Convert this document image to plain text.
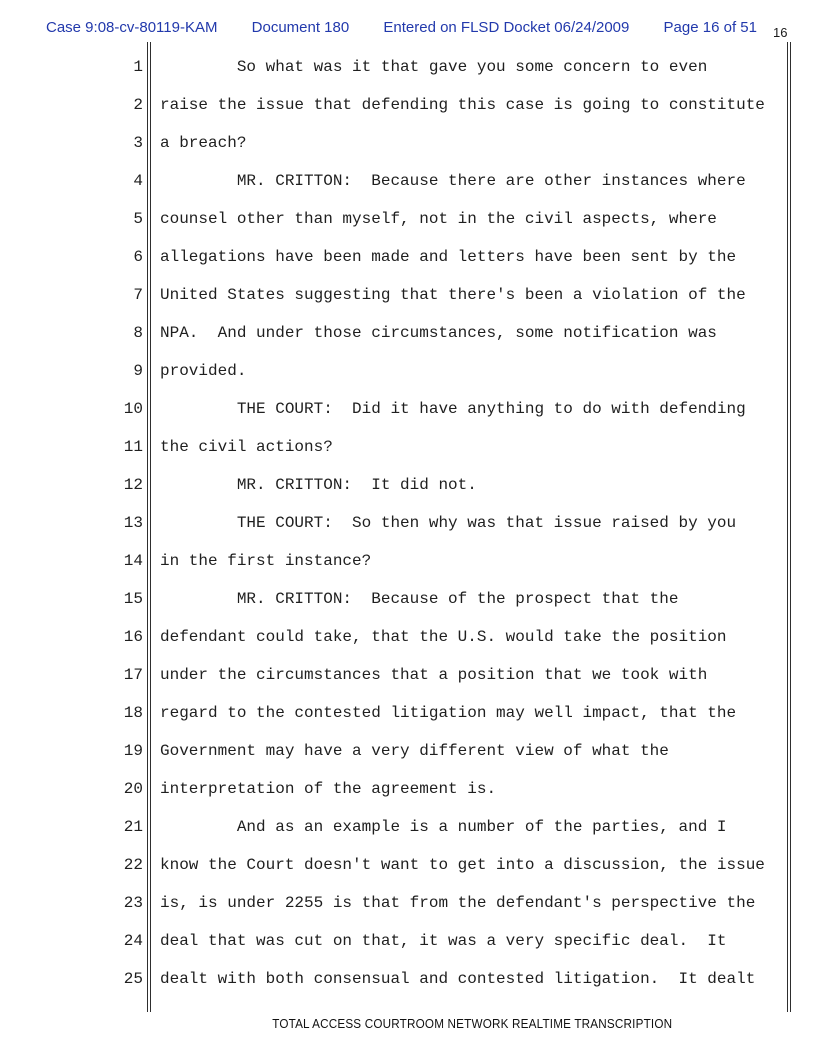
Case 9:08-cv-80119-KAM Document 180 Entered on FLSD Docket 06/24/2009 Page 16 of 51 16
1	So what was it that gave you some concern to even
2	raise the issue that defending this case is going to constitute
3	a breach?
4	MR. CRITTON:  Because there are other instances where
5	counsel other than myself, not in the civil aspects, where
6	allegations have been made and letters have been sent by the
7	United States suggesting that there's been a violation of the
8	NPA.  And under those circumstances, some notification was
9	provided.
10	THE COURT:  Did it have anything to do with defending
11	the civil actions?
12	MR. CRITTON:  It did not.
13	THE COURT:  So then why was that issue raised by you
14	in the first instance?
15	MR. CRITTON:  Because of the prospect that the
16	defendant could take, that the U.S. would take the position
17	under the circumstances that a position that we took with
18	regard to the contested litigation may well impact, that the
19	Government may have a very different view of what the
20	interpretation of the agreement is.
21	And as an example is a number of the parties, and I
22	know the Court doesn't want to get into a discussion, the issue
23	is, is under 2255 is that from the defendant's perspective the
24	deal that was cut on that, it was a very specific deal.  It
25	dealt with both consensual and contested litigation.  It dealt
TOTAL ACCESS COURTROOM NETWORK REALTIME TRANSCRIPTION
